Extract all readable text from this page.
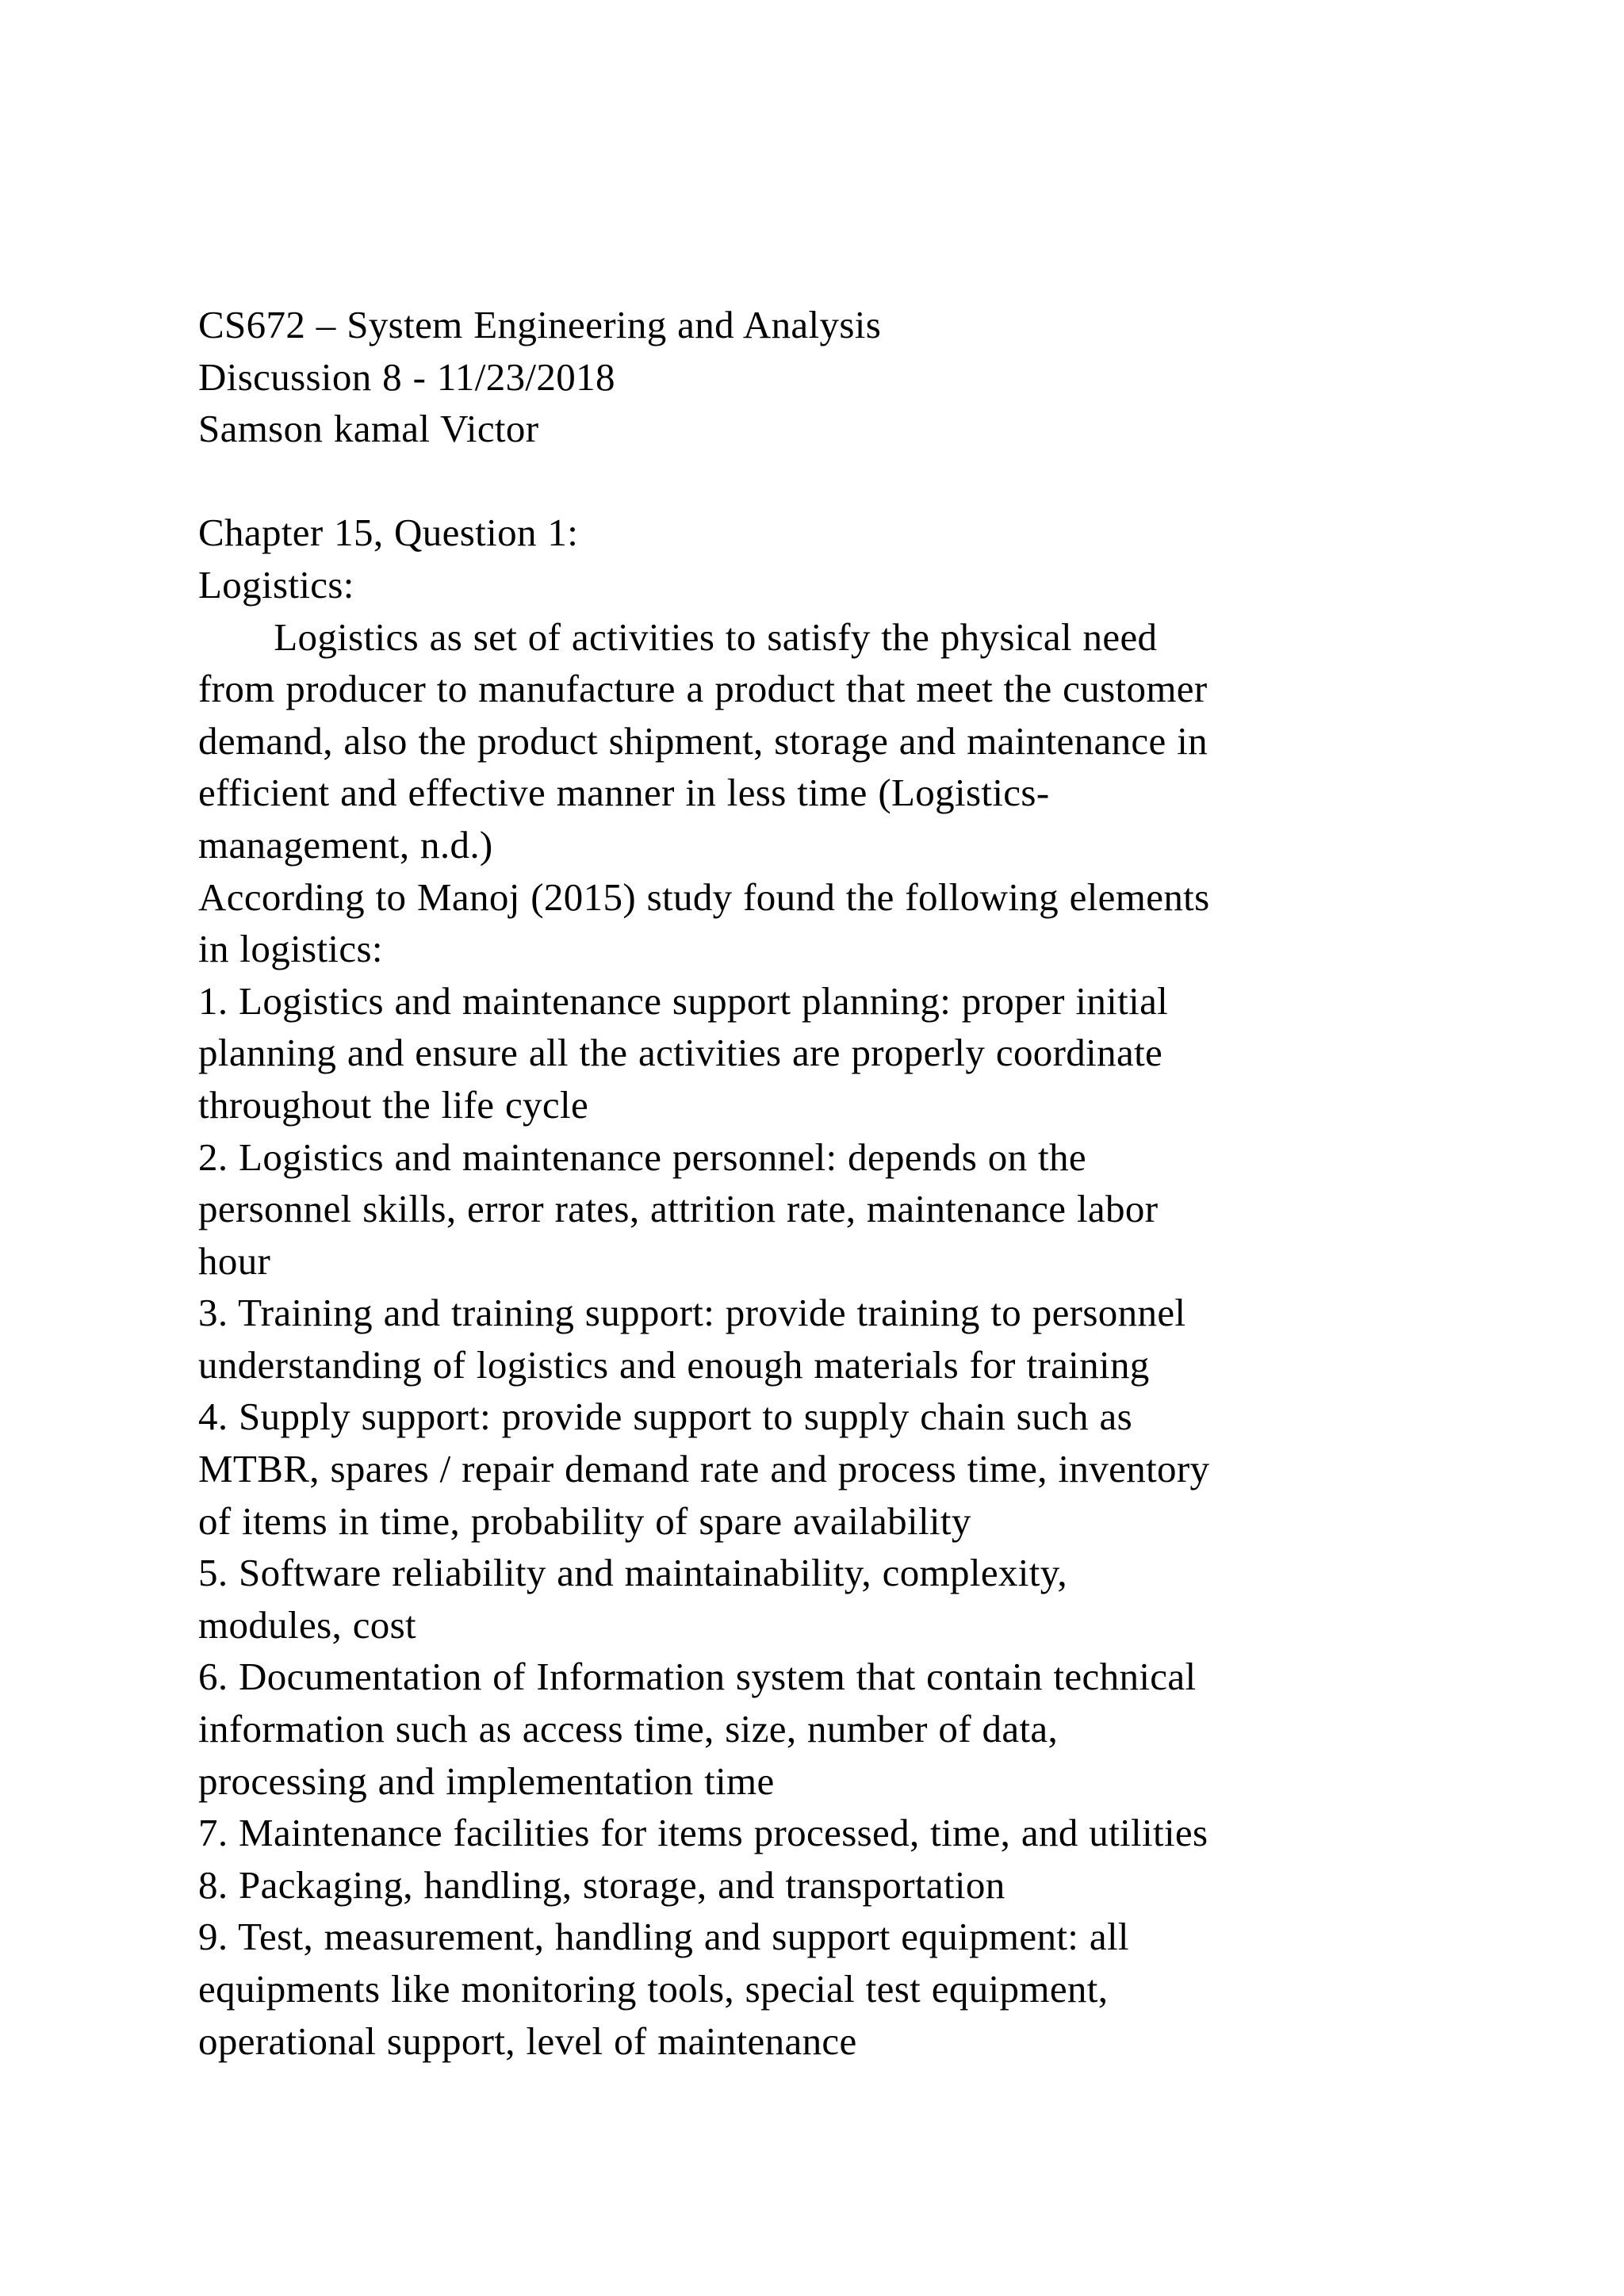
CS672 – System Engineering and Analysis
Discussion 8 - 11/23/2018
Samson kamal Victor
Chapter 15, Question 1:
Logistics:
Logistics as set of activities to satisfy the physical need
from producer to manufacture a product that meet the customer
demand, also the product shipment, storage and maintenance in
efficient and effective manner in less time (Logistics-
management, n.d.)
According to Manoj (2015) study found the following elements
in logistics:
1. Logistics and maintenance support planning: proper initial
planning and ensure all the activities are properly coordinate
throughout the life cycle
2. Logistics and maintenance personnel: depends on the
personnel skills, error rates, attrition rate, maintenance labor
hour
3. Training and training support: provide training to personnel
understanding of logistics and enough materials for training
4. Supply support: provide support to supply chain such as
MTBR, spares / repair demand rate and process time, inventory
of items in time, probability of spare availability
5. Software reliability and maintainability, complexity,
modules, cost
6. Documentation of Information system that contain technical
information such as access time, size, number of data,
processing and implementation time
7. Maintenance facilities for items processed, time, and utilities
8. Packaging, handling, storage, and transportation
9. Test, measurement, handling and support equipment: all
equipments like monitoring tools, special test equipment,
operational support, level of maintenance
